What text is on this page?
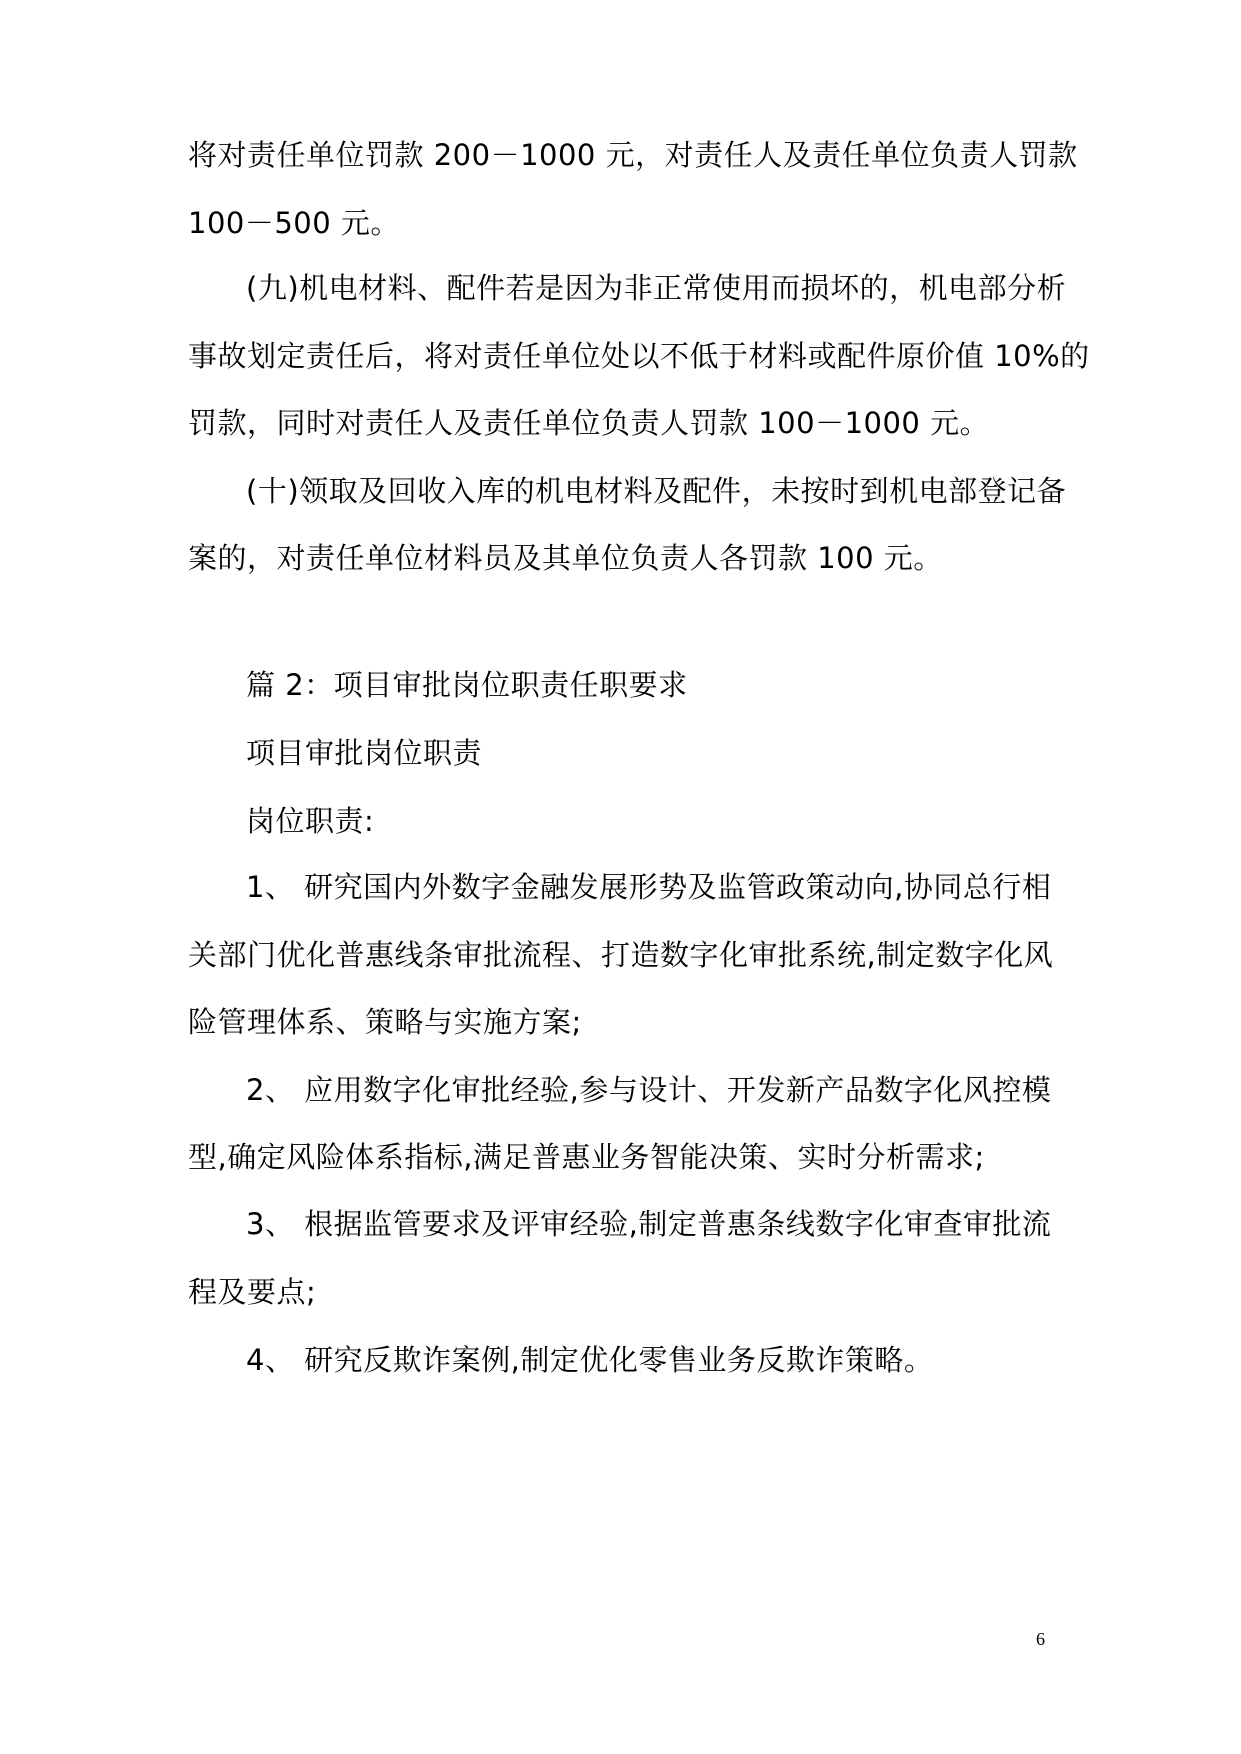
将对责任单位罚款 200－1000 元，对责任人及责任单位负责人罚款
100－500 元。
(九)机电材料、配件若是因为非正常使用而损坏的，机电部分析
事故划定责任后，将对责任单位处以不低于材料或配件原价值 10%的
罚款，同时对责任人及责任单位负责人罚款 100－1000 元。
(十)领取及回收入库的机电材料及配件，未按时到机电部登记备
案的，对责任单位材料员及其单位负责人各罚款 100 元。
篇 2：项目审批岗位职责任职要求
项目审批岗位职责
岗位职责:
1、 研究国内外数字金融发展形势及监管政策动向,协同总行相
关部门优化普惠线条审批流程、打造数字化审批系统,制定数字化风
险管理体系、策略与实施方案;
2、 应用数字化审批经验,参与设计、开发新产品数字化风控模
型,确定风险体系指标,满足普惠业务智能决策、实时分析需求;
3、 根据监管要求及评审经验,制定普惠条线数字化审查审批流
程及要点;
4、 研究反欺诈案例,制定优化零售业务反欺诈策略。
6
